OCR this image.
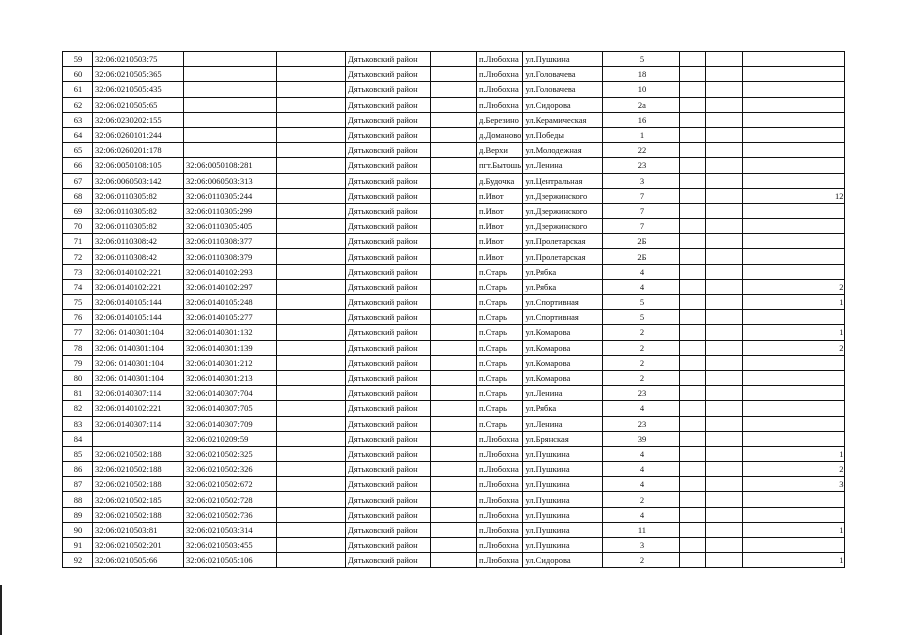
59	32:06:0210503:75			Дятьковский район		п.Любохна	ул.Пушкина	5			
60	32:06:0210505:365			Дятьковский район		п.Любохна	ул.Головачева	18			
61	32:06:0210505:435			Дятьковский район		п.Любохна	ул.Головачева	10			
62	32:06:0210505:65			Дятьковский район		п.Любохна	ул.Сидорова	2а			
63	32:06:0230202:155			Дятьковский район		д.Березино	ул.Керамическая	16			
64	32:06:0260101:244			Дятьковский район		д.Доманово	ул.Победы	1			
65	32:06:0260201:178			Дятьковский район		д.Верхи	ул.Молодежная	22			
66	32:06:0050108:105	32:06:0050108:281		Дятьковский район		пгт.Бытошь	ул.Ленина	23			
67	32:06:0060503:142	32:06:0060503:313		Дятьковский район		д.Будочка	ул.Центральная	3			
68	32:06:0110305:82	32:06:0110305:244		Дятьковский район		п.Ивот	ул.Дзержинского	7			12
69	32:06:0110305:82	32:06:0110305:299		Дятьковский район		п.Ивот	ул.Дзержинского	7			
70	32:06:0110305:82	32:06:0110305:405		Дятьковский район		п.Ивот	ул.Дзержинского	7			
71	32:06:0110308:42	32:06:0110308:377		Дятьковский район		п.Ивот	ул.Пролетарская	2Б			
72	32:06:0110308:42	32:06:0110308:379		Дятьковский район		п.Ивот	ул.Пролетарская	2Б			
73	32:06:0140102:221	32:06:0140102:293		Дятьковский район		п.Старь	ул.Рябка	4			
74	32:06:0140102:221	32:06:0140102:297		Дятьковский район		п.Старь	ул.Рябка	4			2
75	32:06:0140105:144	32:06:0140105:248		Дятьковский район		п.Старь	ул.Спортивная	5			1
76	32:06:0140105:144	32:06:0140105:277		Дятьковский район		п.Старь	ул.Спортивная	5			
77	32:06: 0140301:104	32:06:0140301:132		Дятьковский район		п.Старь	ул.Комарова	2			1
78	32:06: 0140301:104	32:06:0140301:139		Дятьковский район		п.Старь	ул.Комарова	2			2
79	32:06: 0140301:104	32:06:0140301:212		Дятьковский район		п.Старь	ул.Комарова	2			
80	32:06: 0140301:104	32:06:0140301:213		Дятьковский район		п.Старь	ул.Комарова	2			
81	32:06:0140307:114	32:06:0140307:704		Дятьковский район		п.Старь	ул.Ленина	23			
82	32:06:0140102:221	32:06:0140307:705		Дятьковский район		п.Старь	ул.Рябка	4			
83	32:06:0140307:114	32:06:0140307:709		Дятьковский район		п.Старь	ул.Ленина	23			
84		32:06:0210209:59		Дятьковский район		п.Любохна	ул.Брянская	39			
85	32:06:0210502:188	32:06:0210502:325		Дятьковский район		п.Любохна	ул.Пушкина	4			1
86	32:06:0210502:188	32:06:0210502:326		Дятьковский район		п.Любохна	ул.Пушкина	4			2
87	32:06:0210502:188	32:06:0210502:672		Дятьковский район		п.Любохна	ул.Пушкина	4			3
88	32:06:0210502:185	32:06:0210502:728		Дятьковский район		п.Любохна	ул.Пушкина	2			
89	32:06:0210502:188	32:06:0210502:736		Дятьковский район		п.Любохна	ул.Пушкина	4			
90	32:06:0210503:81	32:06:0210503:314		Дятьковский район		п.Любохна	ул.Пушкина	11			1
91	32:06:0210502:201	32:06:0210503:455		Дятьковский район		п.Любохна	ул.Пушкина	3			
92	32:06:0210505:66	32:06:0210505:106		Дятьковский район		п.Любохна	ул.Сидорова	2			1
